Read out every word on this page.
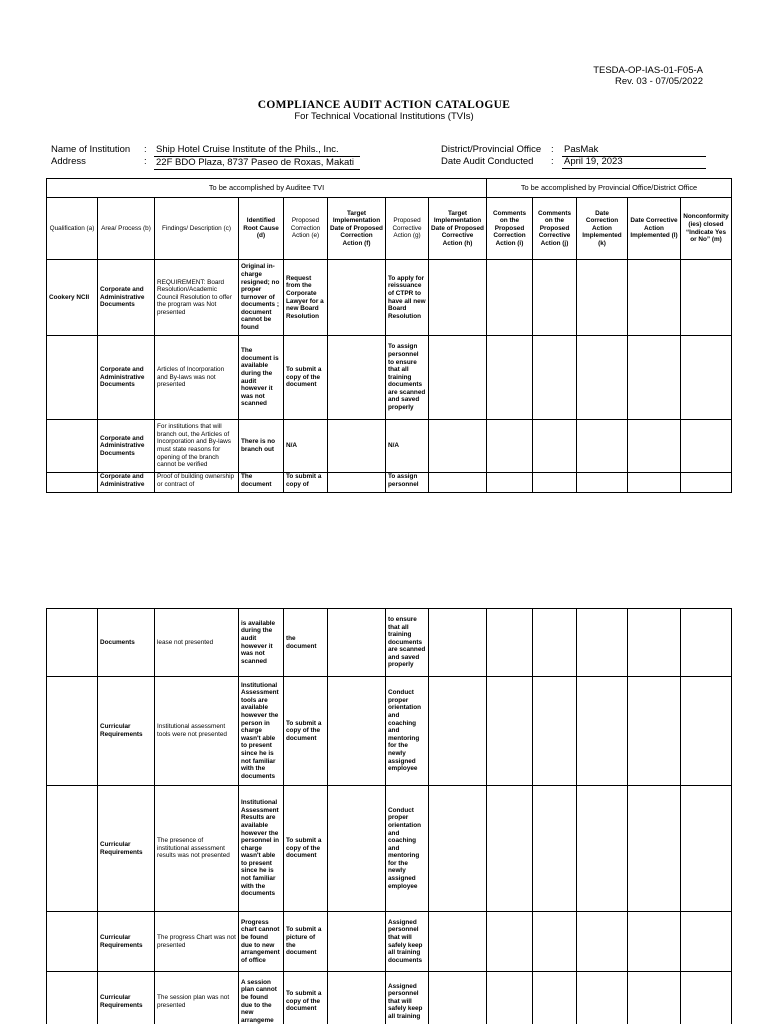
TESDA-OP-IAS-01-F05-A
Rev. 03 - 07/05/2022
COMPLIANCE AUDIT ACTION CATALOGUE
For Technical Vocational Institutions (TVIs)
Name of Institution : Ship Hotel Cruise Institute of the Phils., Inc.
Address	: 22F BDO Plaza, 8737 Paseo de Roxas, Makati
District/Provincial Office : PasMak
Date Audit Conducted : April 19, 2023
To be accomplished by Auditee TVI								To be accomplished by Provincial Office/District Office				
Qualification (a)	Area/ Process (b)	Findings/ Description (c)	Identified Root Cause (d)	Proposed Correction Action (e)	Target Implementation Date of Proposed Correction Action (f)	Proposed Corrective Action (g)	Target Implementation Date of Proposed Corrective Action (h)	Comments on the Proposed Correction Action (i)	Comments on the Proposed Corrective Action (j)	Date Correction Action Implemented (k)	Date Corrective Action Implemented (l)	Nonconformity (ies) closed “Indicate Yes or No” (m)
Cookery NCII	Corporate and Administrative Documents	REQUIREMENT: Board Resolution/Academic Council Resolution to offer the program was Not presented	Original in-charge resigned; no proper turnover of documents ; document cannot be found	Request from the Corporate Lawyer for a new Board Resolution		To apply for reissuance of CTPR to have all new Board Resolution						
	Corporate and Administrative Documents	Articles of Incorporation and By-laws was not presented	The document is available during the audit however it was not scanned	To submit a copy of the document		To assign personnel to ensure that all training documents are scanned and saved properly						
	Corporate and Administrative Documents	For institutions that will branch out, the Articles of Incorporation and By-laws must state reasons for opening of the branch cannot be verified	There is no branch out	N/A		N/A						
	Corporate and Administrative	Proof of building ownership or contract of	The document	To submit a copy of		To assign personnel						
	Documents	lease not presented	is available during the audit however it was not scanned	the document		to ensure that all training documents are scanned and saved properly						
	Curricular Requirements	Institutional assessment tools were not presented	Institutional Assessment tools are available however the person in charge wasn't able to present since he is not familiar with the documents	To submit a copy of the document		Conduct proper orientation and coaching and mentoring for the newly assigned employee						
	Curricular Requirements	The presence of institutional assessment results was not presented	Institutional Assessment Results are available however the personnel in charge wasn't able to present since he is not familiar with the documents	To submit a copy of the document		Conduct proper orientation and coaching and mentoring for the newly assigned employee						
	Curricular Requirements	The progress Chart was not presented	Progress chart cannot be found due to new arrangement of office	To submit a picture of the document		Assigned personnel that will safely keep all training documents						
	Curricular Requirements	The session plan was not presented	A session plan cannot be found due to the new arrangeme	To submit a copy of the document		Assigned personnel that will safely keep all training						
